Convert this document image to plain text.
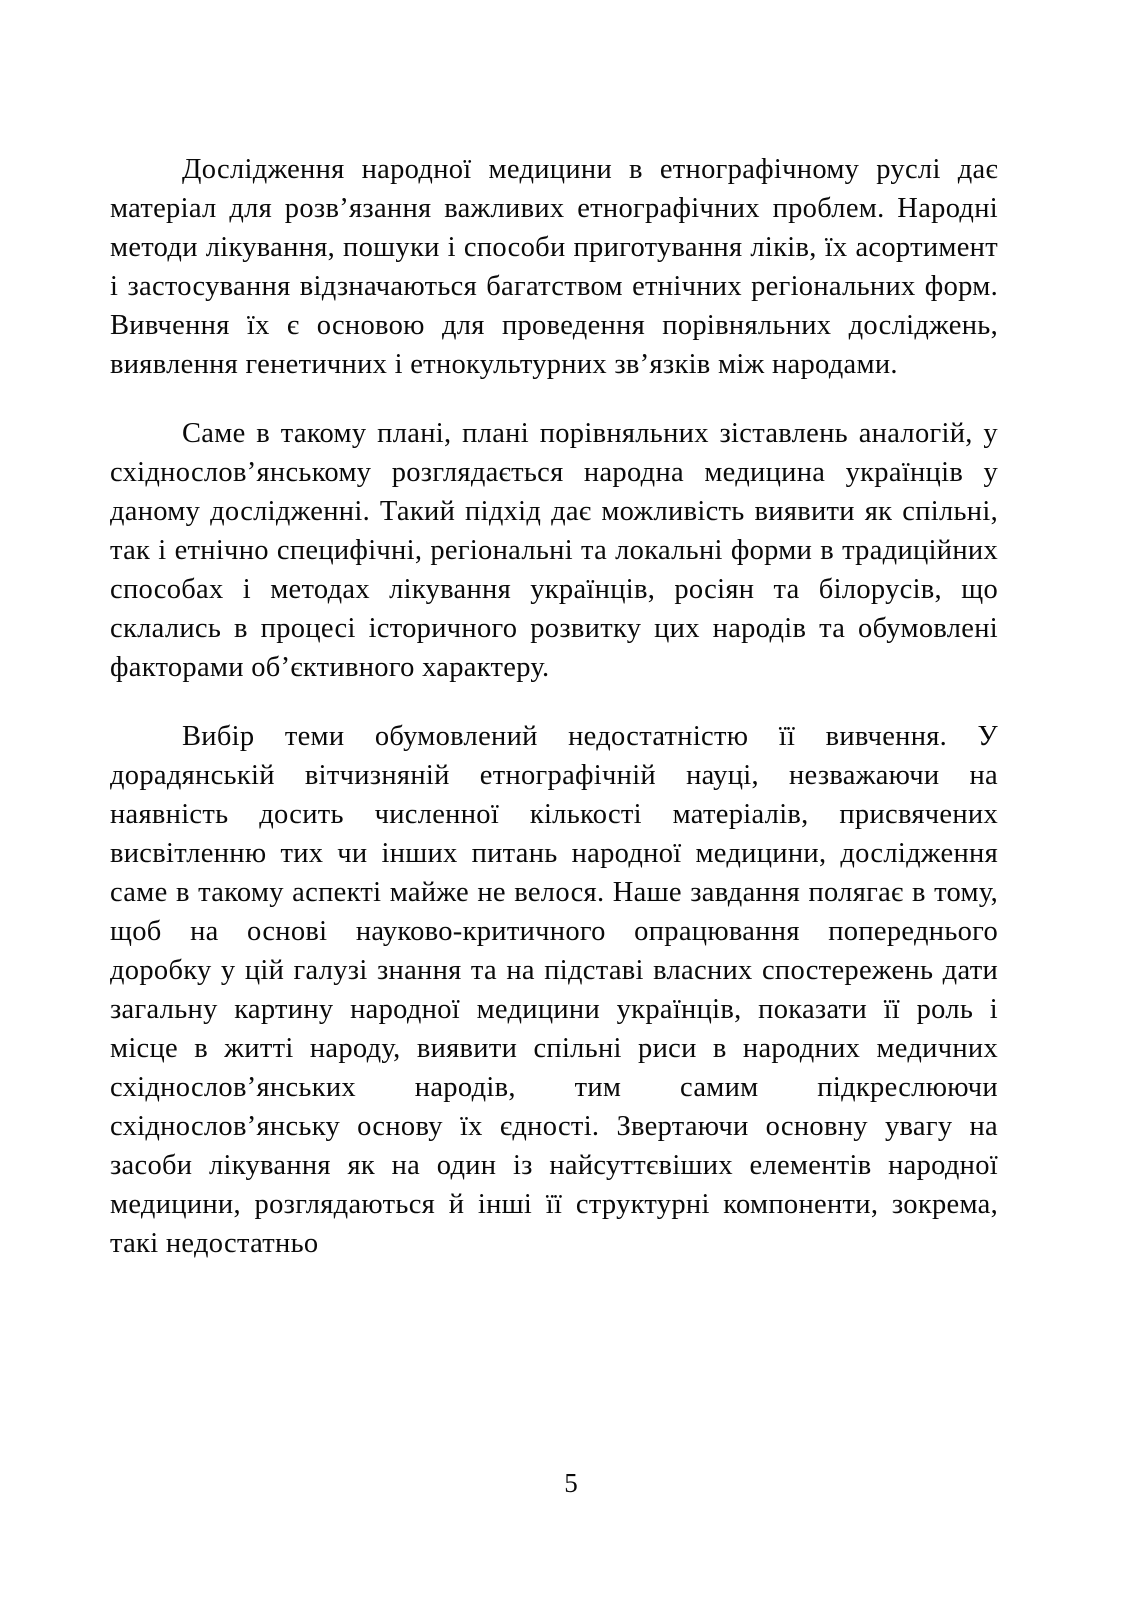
Дослідження народної медицини в етнографічному руслі дає матеріал для розв’язання важливих етнографічних проблем. Народні методи лікування, пошуки і способи приготування ліків, їх асортимент і застосування відзначаються багатством етнічних регіональних форм. Вивчення їх є основою для проведення порівняльних досліджень, виявлення генетичних і етнокультурних зв’язків між народами.

Саме в такому плані, плані порівняльних зіставлень аналогій, у східнослов’янському розглядається народна медицина українців у даному дослідженні. Такий підхід дає можливість виявити як спільні, так і етнічно специфічні, регіональні та локальні форми в традиційних способах і методах лікування українців, росіян та білорусів, що склались в процесі історичного розвитку цих народів та обумовлені факторами об’єктивного характеру.

Вибір теми обумовлений недостатністю її вивчення. У дорадянській вітчизняній етнографічній науці, незважаючи на наявність досить численної кількості матеріалів, присвячених висвітленню тих чи інших питань народної медицини, дослідження саме в такому аспекті майже не велося. Наше завдання полягає в тому, щоб на основі науково-критичного опрацювання попереднього доробку у цій галузі знання та на підставі власних спостережень дати загальну картину народної медицини українців, показати її роль і місце в житті народу, виявити спільні риси в народних медичних східнослов’янських народів, тим самим підкреслюючи східнослов’янську основу їх єдності. Звертаючи основну увагу на засоби лікування як на один із найсуттєвіших елементів народної медицини, розглядаються й інші її структурні компоненти, зокрема, такі недостатньо

5
